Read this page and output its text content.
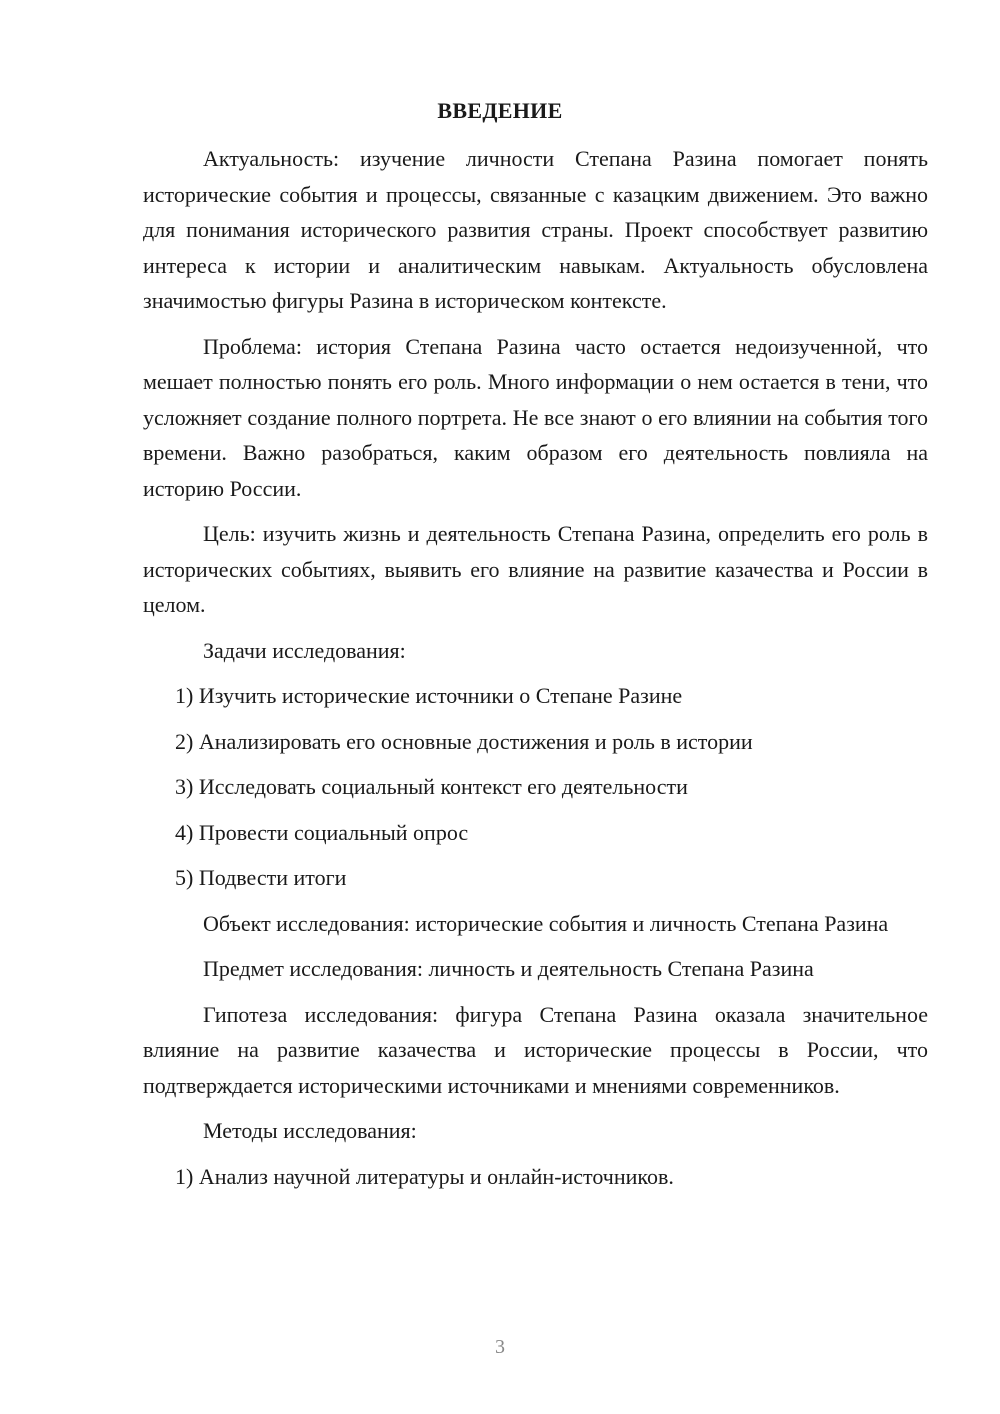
ВВЕДЕНИЕ

Актуальность: изучение личности Степана Разина помогает понять исторические события и процессы, связанные с казацким движением. Это важно для понимания исторического развития страны. Проект способствует развитию интереса к истории и аналитическим навыкам. Актуальность обусловлена значимостью фигуры Разина в историческом контексте.

Проблема: история Степана Разина часто остается недоизученной, что мешает полностью понять его роль. Много информации о нем остается в тени, что усложняет создание полного портрета. Не все знают о его влиянии на события того времени. Важно разобраться, каким образом его деятельность повлияла на историю России.

Цель: изучить жизнь и деятельность Степана Разина, определить его роль в исторических событиях, выявить его влияние на развитие казачества и России в целом.

Задачи исследования:

1) Изучить исторические источники о Степане Разине
2) Анализировать его основные достижения и роль в истории
3) Исследовать социальный контекст его деятельности
4) Провести социальный опрос
5) Подвести итоги

Объект исследования: исторические события и личность Степана Разина

Предмет исследования: личность и деятельность Степана Разина

Гипотеза исследования: фигура Степана Разина оказала значительное влияние на развитие казачества и исторические процессы в России, что подтверждается историческими источниками и мнениями современников.

Методы исследования:

1) Анализ научной литературы и онлайн-источников.
3
